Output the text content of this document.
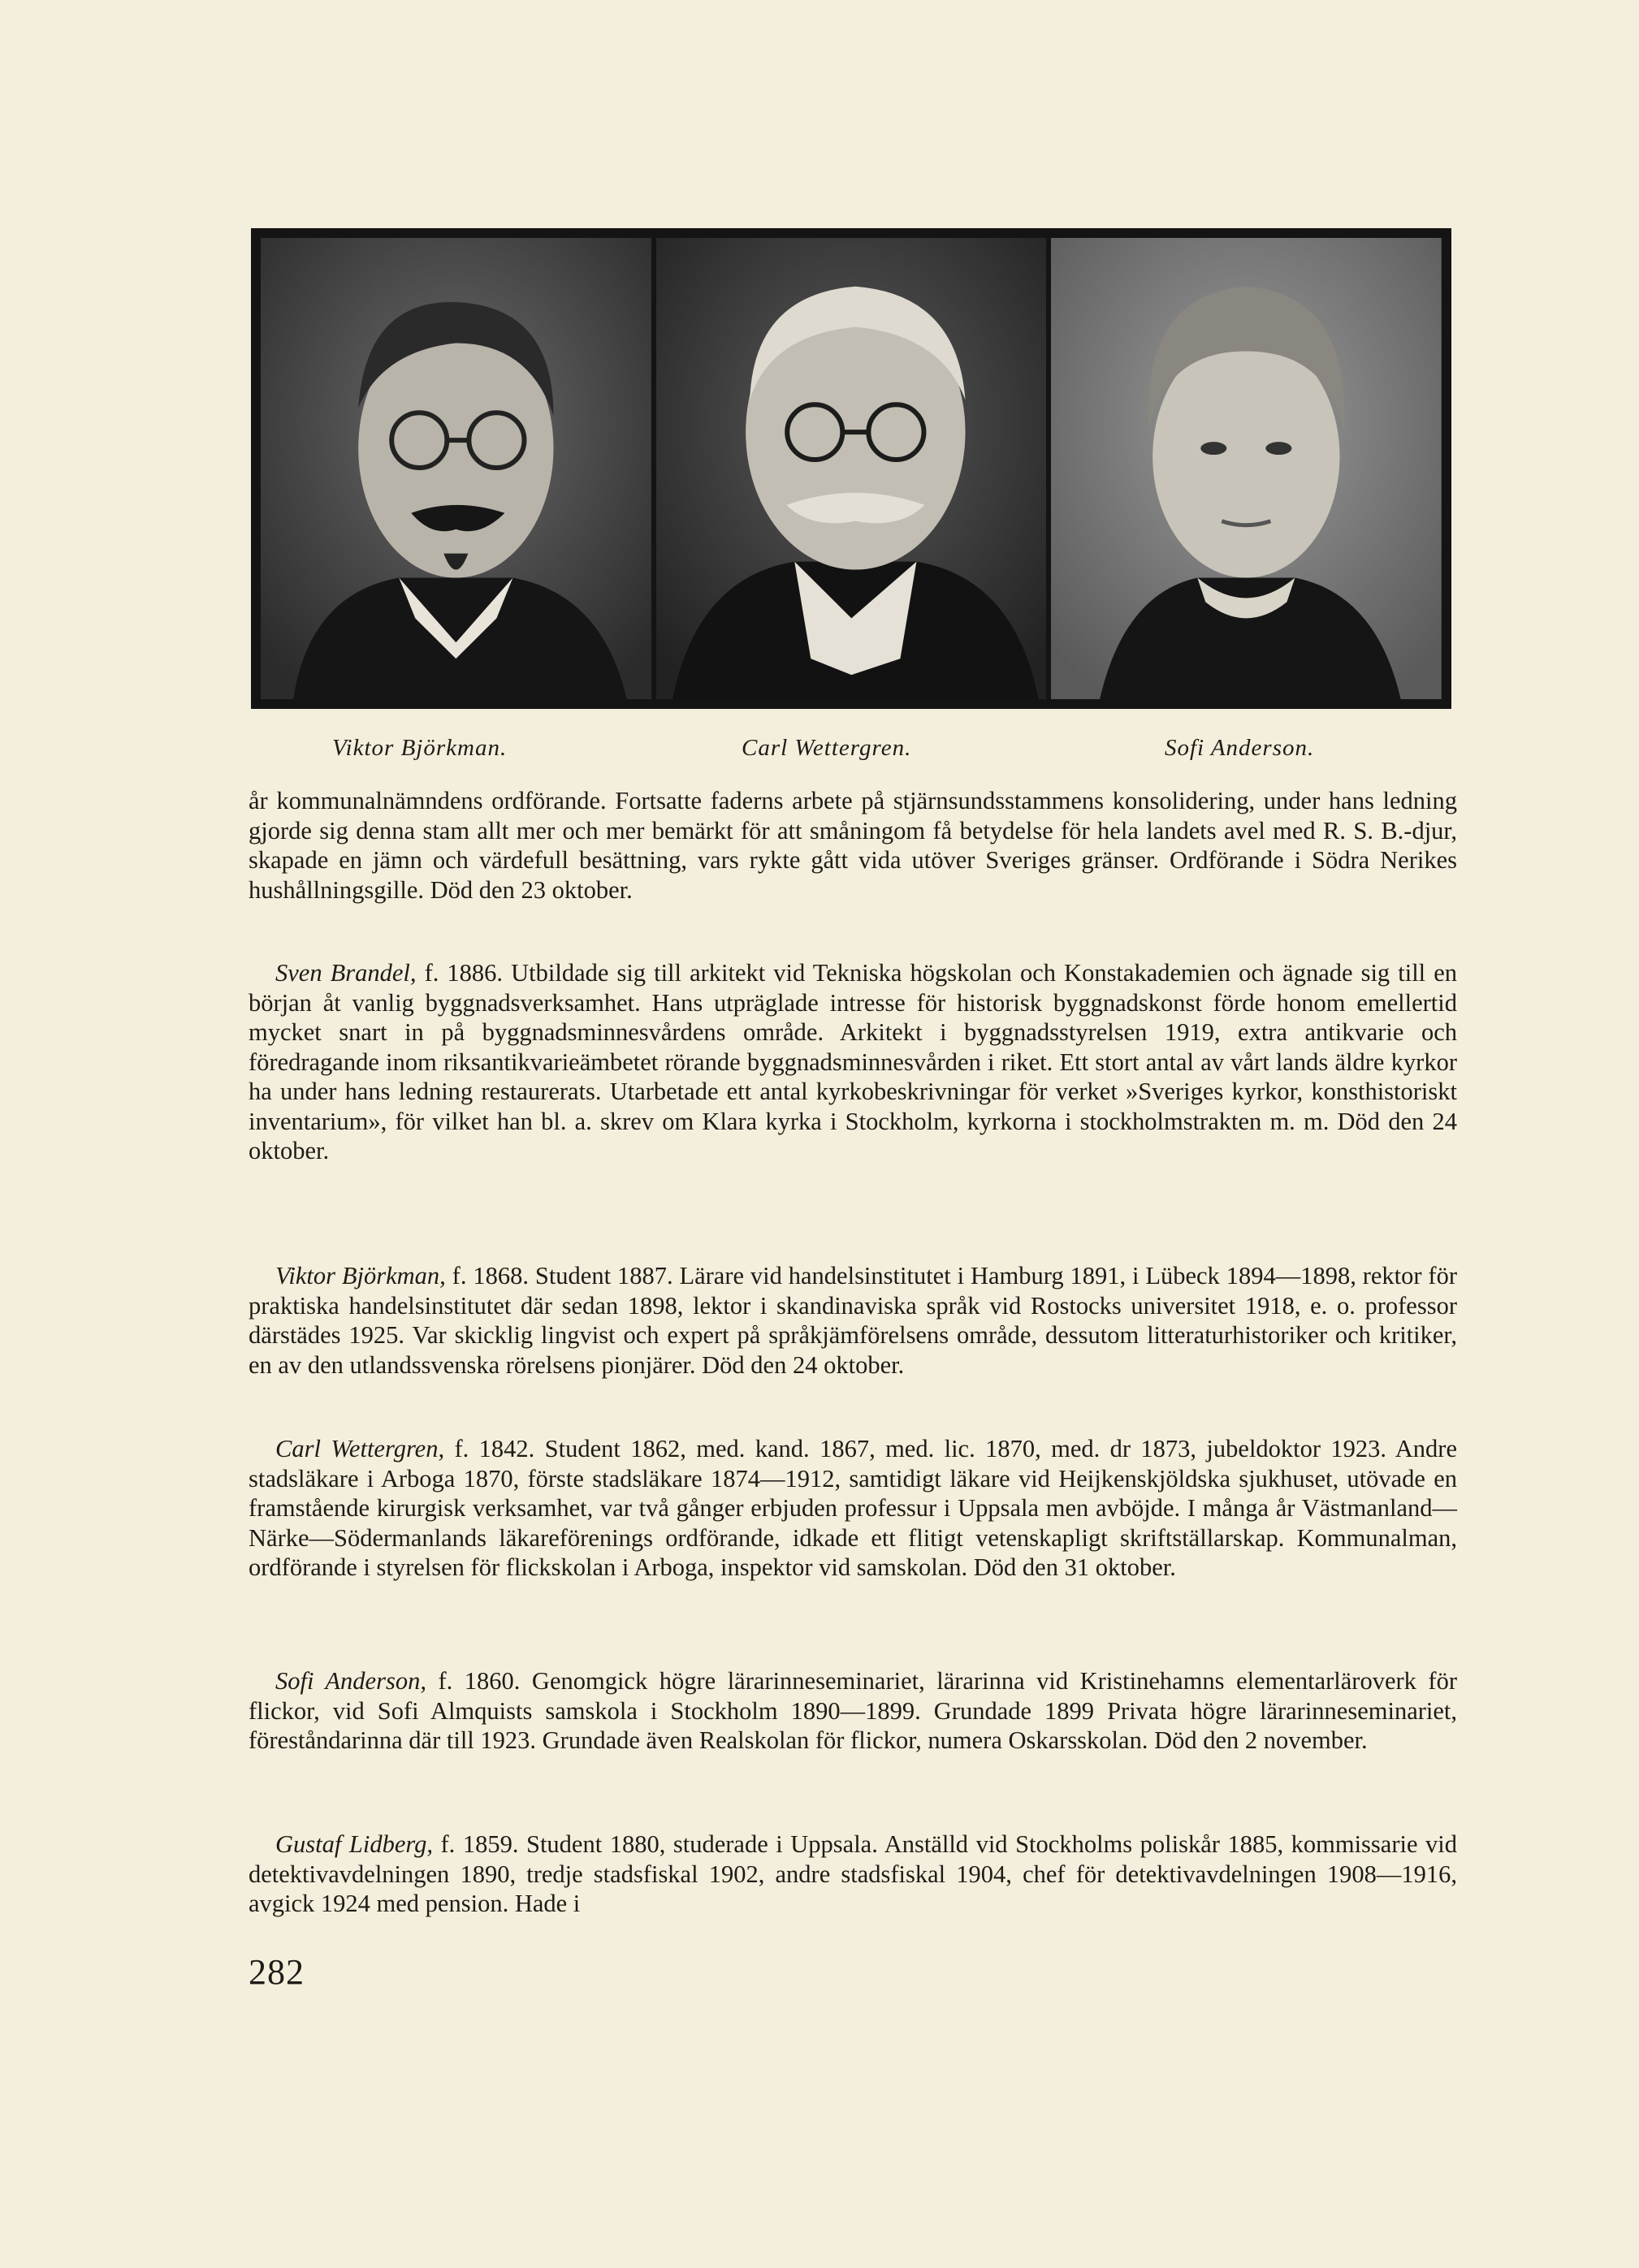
Viktor Björkman.	Carl Wettergren.	Sofi Anderson.

år kommunalnämndens ordförande. Fortsatte faderns arbete på stjärnsundsstammens konsolidering, under hans ledning gjorde sig denna stam allt mer och mer bemärkt för att småningom få betydelse för hela landets avel med R. S. B.-djur, skapade en jämn och värdefull besättning, vars rykte gått vida utöver Sveriges gränser. Ordförande i Södra Nerikes hushållningsgille. Död den 23 oktober.

Sven Brandel, f. 1886. Utbildade sig till arkitekt vid Tekniska högskolan och Konstakademien och ägnade sig till en början åt vanlig byggnadsverksamhet. Hans utpräglade intresse för historisk byggnadskonst förde honom emellertid mycket snart in på byggnadsminnesvårdens område. Arkitekt i byggnadsstyrelsen 1919, extra antikvarie och föredragande inom riksantikvarieämbetet rörande byggnadsminnesvården i riket. Ett stort antal av vårt lands äldre kyrkor ha under hans ledning restaurerats. Utarbetade ett antal kyrkobeskrivningar för verket »Sveriges kyrkor, konsthistoriskt inventarium», för vilket han bl. a. skrev om Klara kyrka i Stockholm, kyrkorna i stockholmstrakten m. m. Död den 24 oktober.

Viktor Björkman, f. 1868. Student 1887. Lärare vid handelsinstitutet i Hamburg 1891, i Lübeck 1894—1898, rektor för praktiska handelsinstitutet där sedan 1898, lektor i skandinaviska språk vid Rostocks universitet 1918, e. o. professor därstädes 1925. Var skicklig lingvist och expert på språkjämförelsens område, dessutom litteraturhistoriker och kritiker, en av den utlandssvenska rörelsens pionjärer. Död den 24 oktober.

Carl Wettergren, f. 1842. Student 1862, med. kand. 1867, med. lic. 1870, med. dr 1873, jubeldoktor 1923. Andre stadsläkare i Arboga 1870, förste stadsläkare 1874—1912, samtidigt läkare vid Heijkenskjöldska sjukhuset, utövade en framstående kirurgisk verksamhet, var två gånger erbjuden professur i Uppsala men avböjde. I många år Västmanland—Närke—Södermanlands läkareförenings ordförande, idkade ett flitigt vetenskapligt skriftställarskap. Kommunalman, ordförande i styrelsen för flickskolan i Arboga, inspektor vid samskolan. Död den 31 oktober.

Sofi Anderson, f. 1860. Genomgick högre lärarinneseminariet, lärarinna vid Kristinehamns elementarläroverk för flickor, vid Sofi Almquists samskola i Stockholm 1890—1899. Grundade 1899 Privata högre lärarinneseminariet, föreståndarinna där till 1923. Grundade även Realskolan för flickor, numera Oskarsskolan. Död den 2 november.

Gustaf Lidberg, f. 1859. Student 1880, studerade i Uppsala. Anställd vid Stockholms poliskår 1885, kommissarie vid detektivavdelningen 1890, tredje stadsfiskal 1902, andre stadsfiskal 1904, chef för detektivavdelningen 1908—1916, avgick 1924 med pension. Hade i

282
